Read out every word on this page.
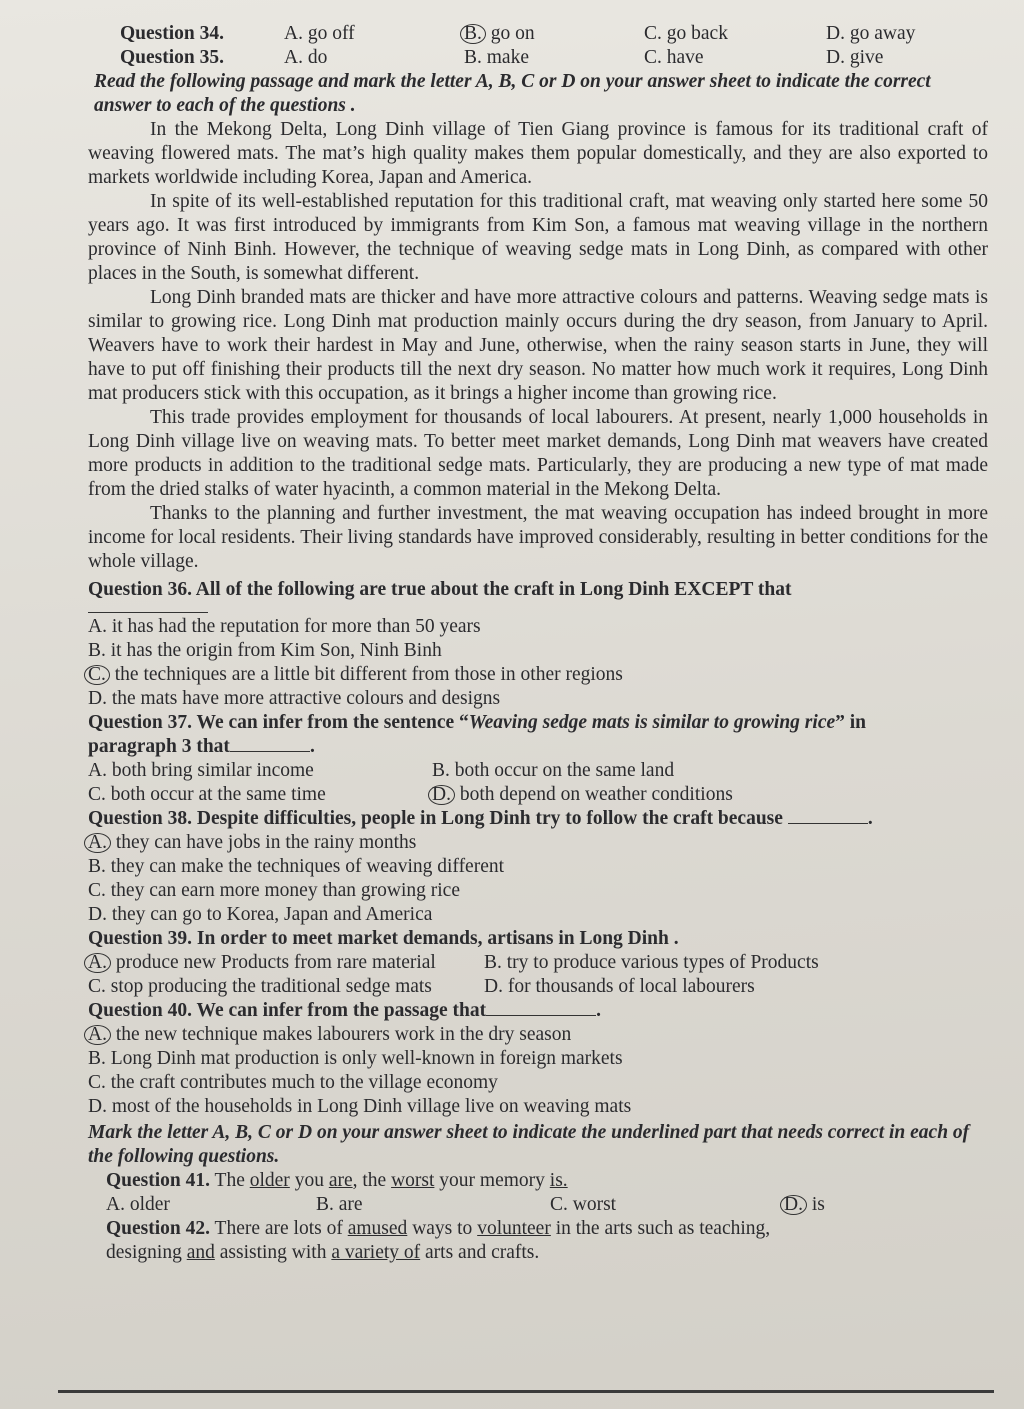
Question 34.	A. go off	B. go on	C. go back	D. go away
Question 35.	A. do	B. make	C. have	D. give
Read the following passage and mark the letter A, B, C or D on your answer sheet to indicate the correct answer to each of the questions .

In the Mekong Delta, Long Dinh village of Tien Giang province is famous for its traditional craft of weaving flowered mats. The mat’s high quality makes them popular domestically, and they are also exported to markets worldwide including Korea, Japan and America.

In spite of its well-established reputation for this traditional craft, mat weaving only started here some 50 years ago. It was first introduced by immigrants from Kim Son, a famous mat weaving village in the northern province of Ninh Binh. However, the technique of weaving sedge mats in Long Dinh, as compared with other places in the South, is somewhat different.

Long Dinh branded mats are thicker and have more attractive colours and patterns. Weaving sedge mats is similar to growing rice. Long Dinh mat production mainly occurs during the dry season, from January to April. Weavers have to work their hardest in May and June, otherwise, when the rainy season starts in June, they will have to put off finishing their products till the next dry season. No matter how much work it requires, Long Dinh mat producers stick with this occupation, as it brings a higher income than growing rice.

This trade provides employment for thousands of local labourers. At present, nearly 1,000 households in Long Dinh village live on weaving mats. To better meet market demands, Long Dinh mat weavers have created more products in addition to the traditional sedge mats. Particularly, they are producing a new type of mat made from the dried stalks of water hyacinth, a common material in the Mekong Delta.

Thanks to the planning and further investment, the mat weaving occupation has indeed brought in more income for local residents. Their living standards have improved considerably, resulting in better conditions for the whole village.

Question 36. All of the following are true about the craft in Long Dinh EXCEPT that
A. it has had the reputation for more than 50 years
B. it has the origin from Kim Son, Ninh Binh
C. the techniques are a little bit different from those in other regions
D. the mats have more attractive colours and designs
Question 37. We can infer from the sentence “Weaving sedge mats is similar to growing rice” in
paragraph 3 that	.
A. both bring similar income	B. both occur on the same land
C. both occur at the same time	D. both depend on weather conditions
Question 38. Despite difficulties, people in Long Dinh try to follow the craft because	.
A. they can have jobs in the rainy months
B. they can make the techniques of weaving different
C. they can earn more money than growing rice
D. they can go to Korea, Japan and America
Question 39. In order to meet market demands, artisans in Long Dinh .
A. produce new Products from rare material	B. try to produce various types of Products
C. stop producing the traditional sedge mats	D. for thousands of local labourers
Question 40. We can infer from the passage that	.
A. the new technique makes labourers work in the dry season
B. Long Dinh mat production is only well-known in foreign markets
C. the craft contributes much to the village economy
D. most of the households in Long Dinh village live on weaving mats
Mark the letter A, B, C or D on your answer sheet to indicate the underlined part that needs correct in each of the following questions.
Question 41. The older you are , the worst your memory is.
A. older	B. are	C. worst	D. is
Question 42. There are lots of amused ways to volunteer in the arts such as teaching,
designing and assisting with a variety of arts and crafts.
